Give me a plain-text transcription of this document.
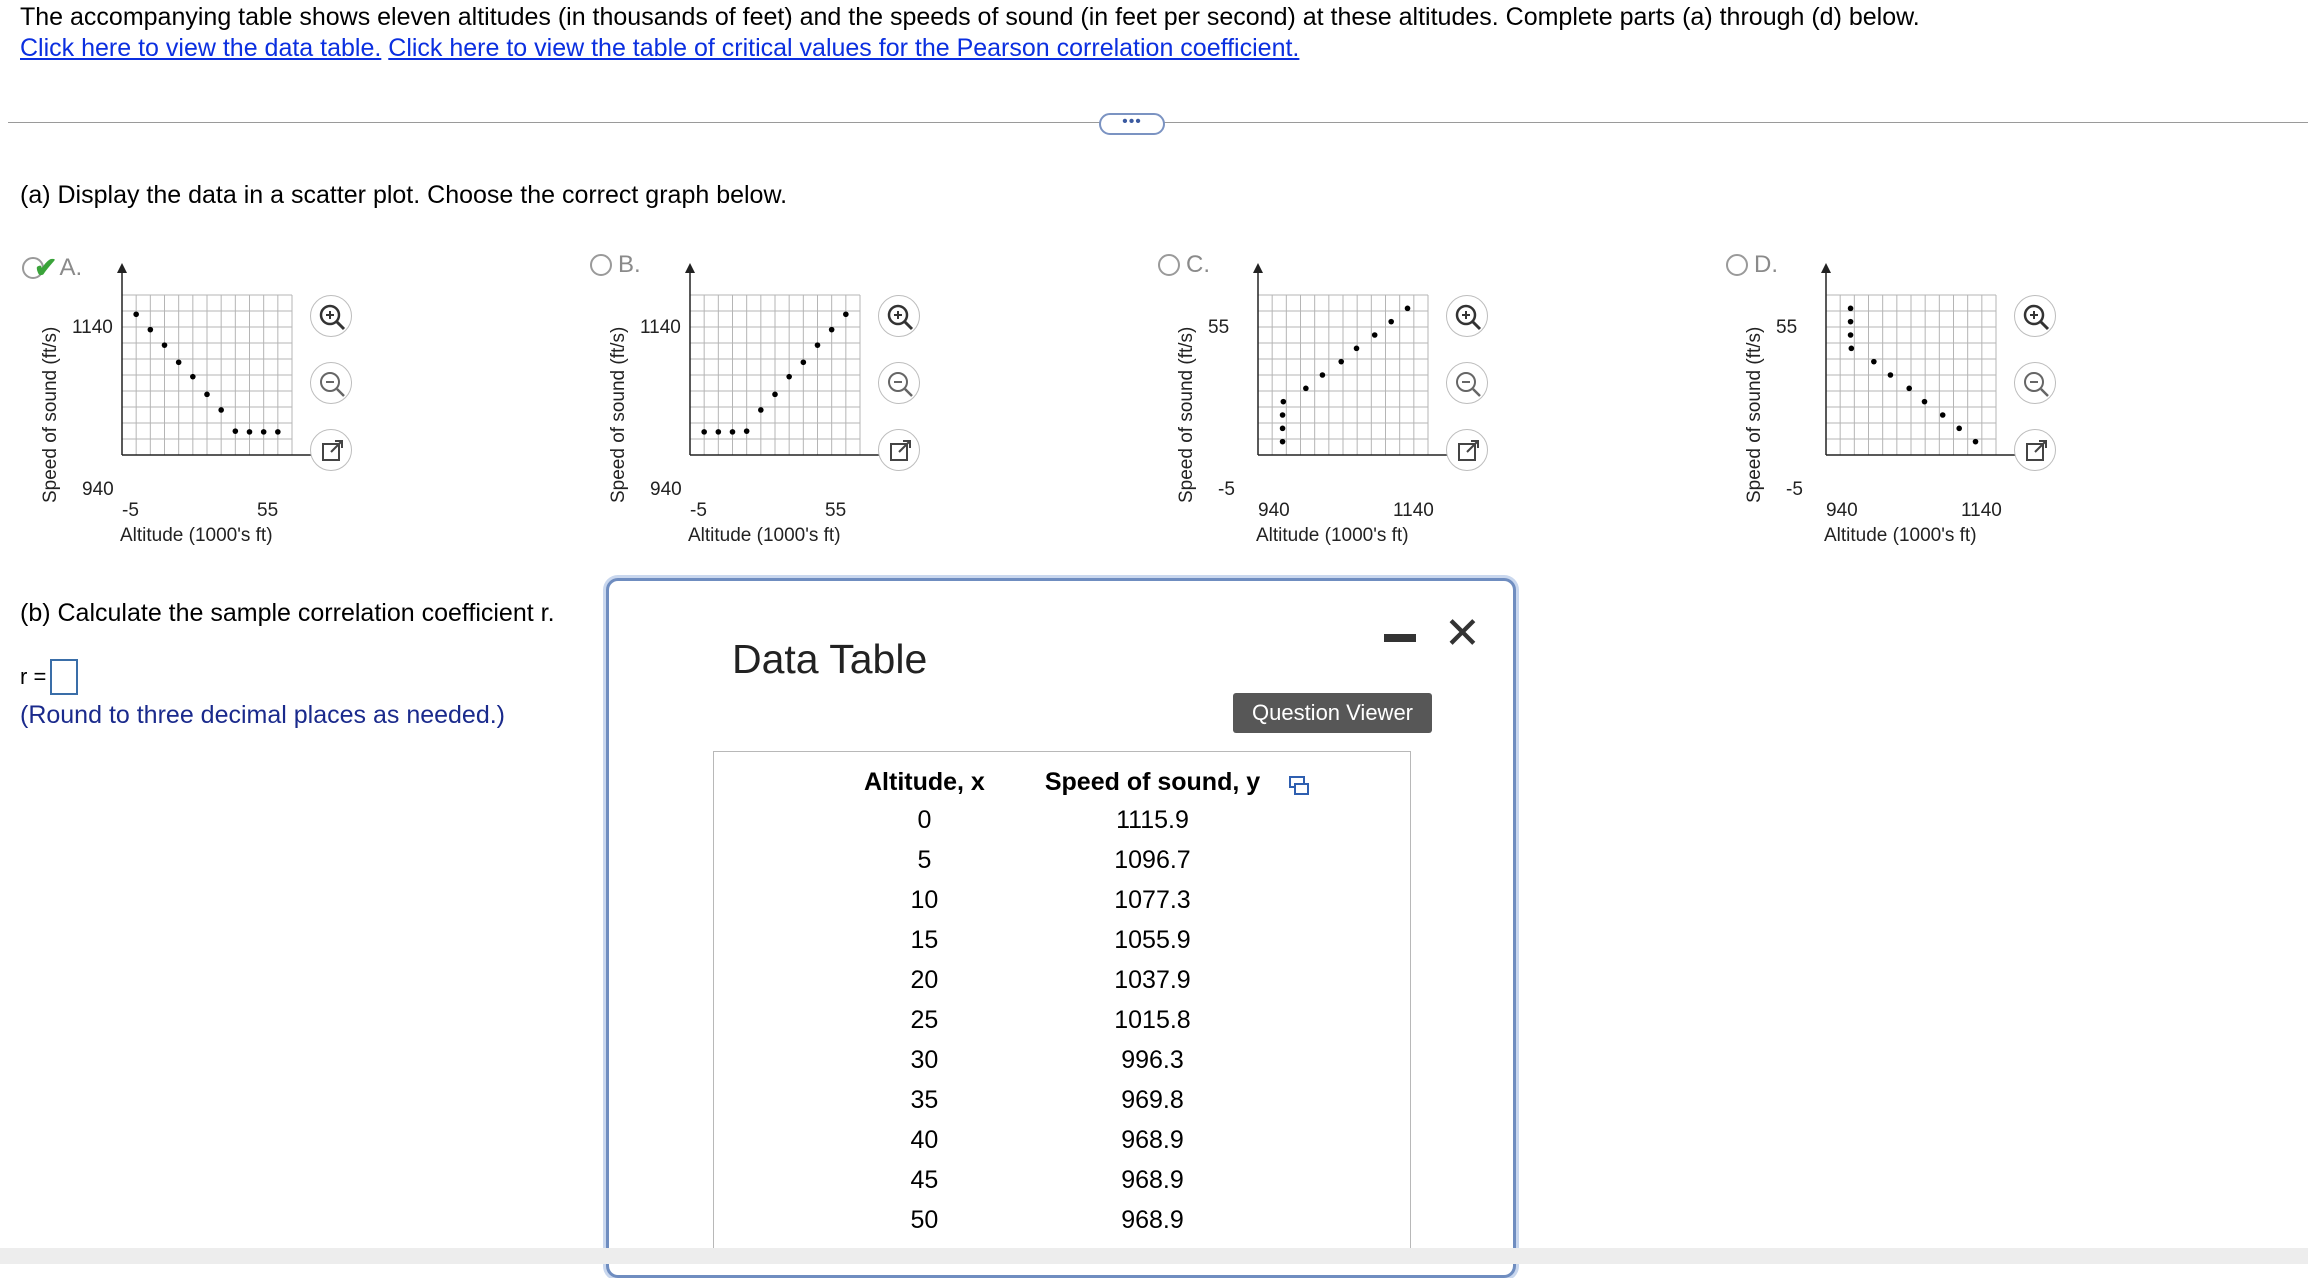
The accompanying table shows eleven altitudes (in thousands of feet) and the speeds of sound (in feet per second) at these altitudes. Complete parts (a) through (d) below.
Click here to view the data table. Click here to view the table of critical values for the Pearson correlation coefficient.
•••
(a) Display the data in a scatter plot. Choose the correct graph below.
✔ A.
Speed of sound (ft/s) 1140
940
-5	55
Altitude (1000's ft)
B.
Speed of sound (ft/s) 1140
940
-5	55
Altitude (1000's ft)
C.
Speed of sound (ft/s) 55
-5
940	1140
Altitude (1000's ft)
D.
Speed of sound (ft/s) 55
-5
940	1140
Altitude (1000's ft)
(b) Calculate the sample correlation coefficient r.
r =
(Round to three decimal places as needed.)
Data Table
✕
Question Viewer
Altitude, x	Speed of sound, y
0	1115.9
5	1096.7
10	1077.3
15	1055.9
20	1037.9
25	1015.8
30	996.3
35	969.8
40	968.9
45	968.9
50	968.9
